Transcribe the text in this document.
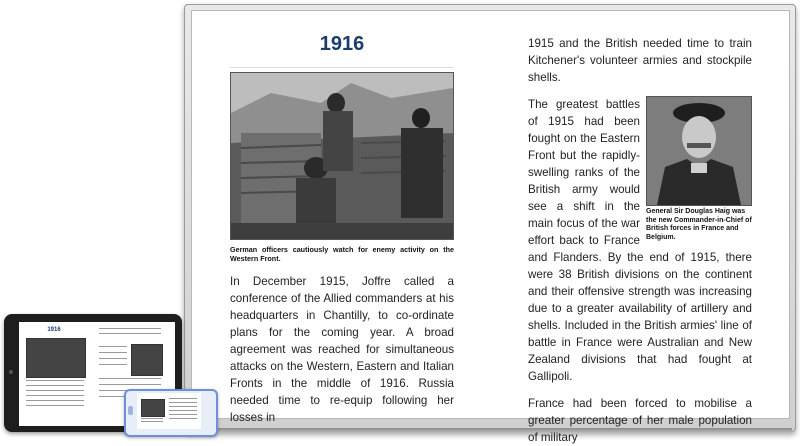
1916
German officers cautiously watch for enemy activity on the Western Front.

In December 1915, Joffre called a conference of the Allied commanders at his headquarters in Chantilly, to co-ordinate plans for the coming year. A broad agreement was reached for simultaneous attacks on the Western, Eastern and Italian Fronts in the middle of 1916. Russia needed time to re-equip following her losses in

1915 and the British needed time to train Kitchener's volunteer armies and stockpile shells.

General Sir Douglas Haig was the new Commander-in-Chief of British forces in France and Belgium.

The greatest battles of 1915 had been fought on the Eastern Front but the rapidly-swelling ranks of the British army would see a shift in the main focus of the war effort back to France and Flanders. By the end of 1915, there were 38 British divisions on the continent and their offensive strength was increasing due to a greater availability of artillery and shells. Included in the British armies' line of battle in France were Australian and New Zealand divisions that had fought at Gallipoli.

France had been forced to mobilise a greater percentage of her male population of military

1916
